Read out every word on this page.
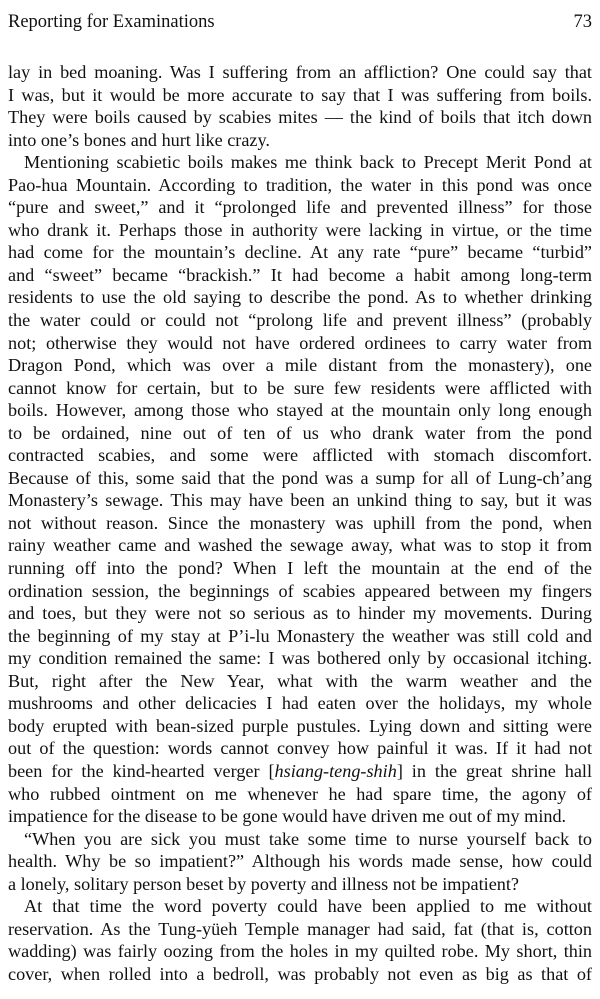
Reporting for Examinations	73
lay in bed moaning. Was I suffering from an affliction? One could say that
I was, but it would be more accurate to say that I was suffering from boils.
They were boils caused by scabies mites — the kind of boils that itch down
into one’s bones and hurt like crazy.
Mentioning scabietic boils makes me think back to Precept Merit Pond at
Pao-hua Mountain. According to tradition, the water in this pond was once
“pure and sweet,” and it “prolonged life and prevented illness” for those
who drank it. Perhaps those in authority were lacking in virtue, or the time
had come for the mountain’s decline. At any rate “pure” became “turbid”
and “sweet” became “brackish.” It had become a habit among long-term
residents to use the old saying to describe the pond. As to whether drinking
the water could or could not “prolong life and prevent illness” (probably
not; otherwise they would not have ordered ordinees to carry water from
Dragon Pond, which was over a mile distant from the monastery), one
cannot know for certain, but to be sure few residents were afflicted with
boils. However, among those who stayed at the mountain only long enough
to be ordained, nine out of ten of us who drank water from the pond
contracted scabies, and some were afflicted with stomach discomfort.
Because of this, some said that the pond was a sump for all of Lung-ch’ang
Monastery’s sewage. This may have been an unkind thing to say, but it was
not without reason. Since the monastery was uphill from the pond, when
rainy weather came and washed the sewage away, what was to stop it from
running off into the pond? When I left the mountain at the end of the
ordination session, the beginnings of scabies appeared between my fingers
and toes, but they were not so serious as to hinder my movements. During
the beginning of my stay at P’i-lu Monastery the weather was still cold and
my condition remained the same: I was bothered only by occasional itching.
But, right after the New Year, what with the warm weather and the
mushrooms and other delicacies I had eaten over the holidays, my whole
body erupted with bean-sized purple pustules. Lying down and sitting were
out of the question: words cannot convey how painful it was. If it had not
been for the kind-hearted verger [hsiang-teng-shih] in the great shrine hall
who rubbed ointment on me whenever he had spare time, the agony of
impatience for the disease to be gone would have driven me out of my mind.
“When you are sick you must take some time to nurse yourself back to
health. Why be so impatient?” Although his words made sense, how could
a lonely, solitary person beset by poverty and illness not be impatient?
At that time the word poverty could have been applied to me without
reservation. As the Tung-yüeh Temple manager had said, fat (that is, cotton
wadding) was fairly oozing from the holes in my quilted robe. My short, thin
cover, when rolled into a bedroll, was probably not even as big as that of
